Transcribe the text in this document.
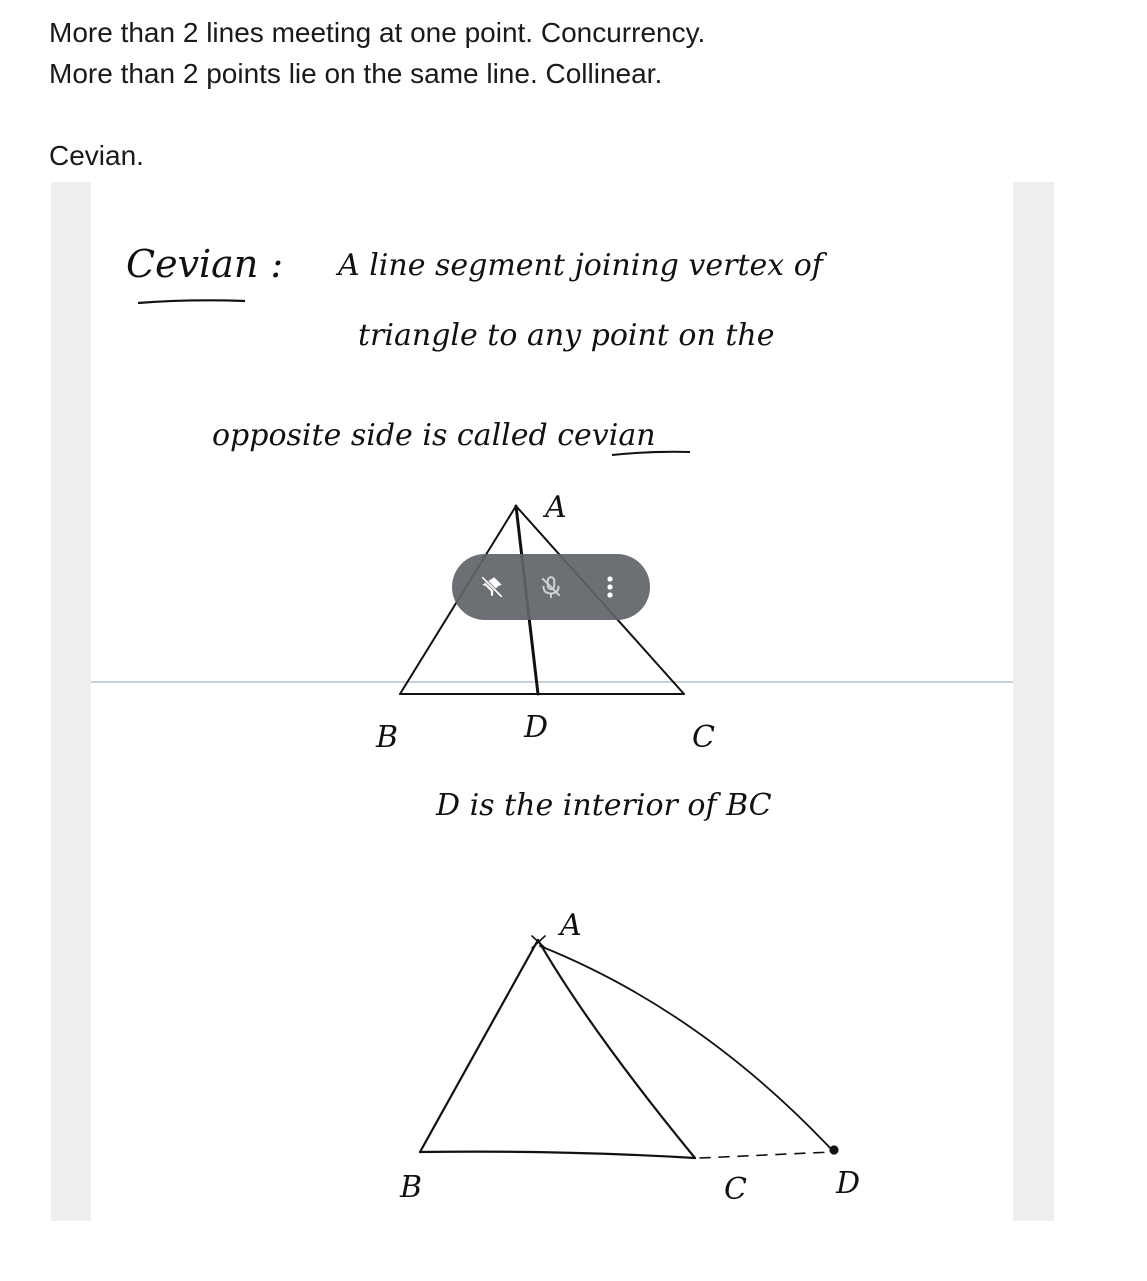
More than 2 lines meeting at one point. Concurrency.
More than 2 points lie on the same line. Collinear.
Cevian.
Cevian : A line segment joining vertex of
triangle to any point on the
opposite side is called cevian
A
B	D	C
D is the interior of BC
A
B	C	D
